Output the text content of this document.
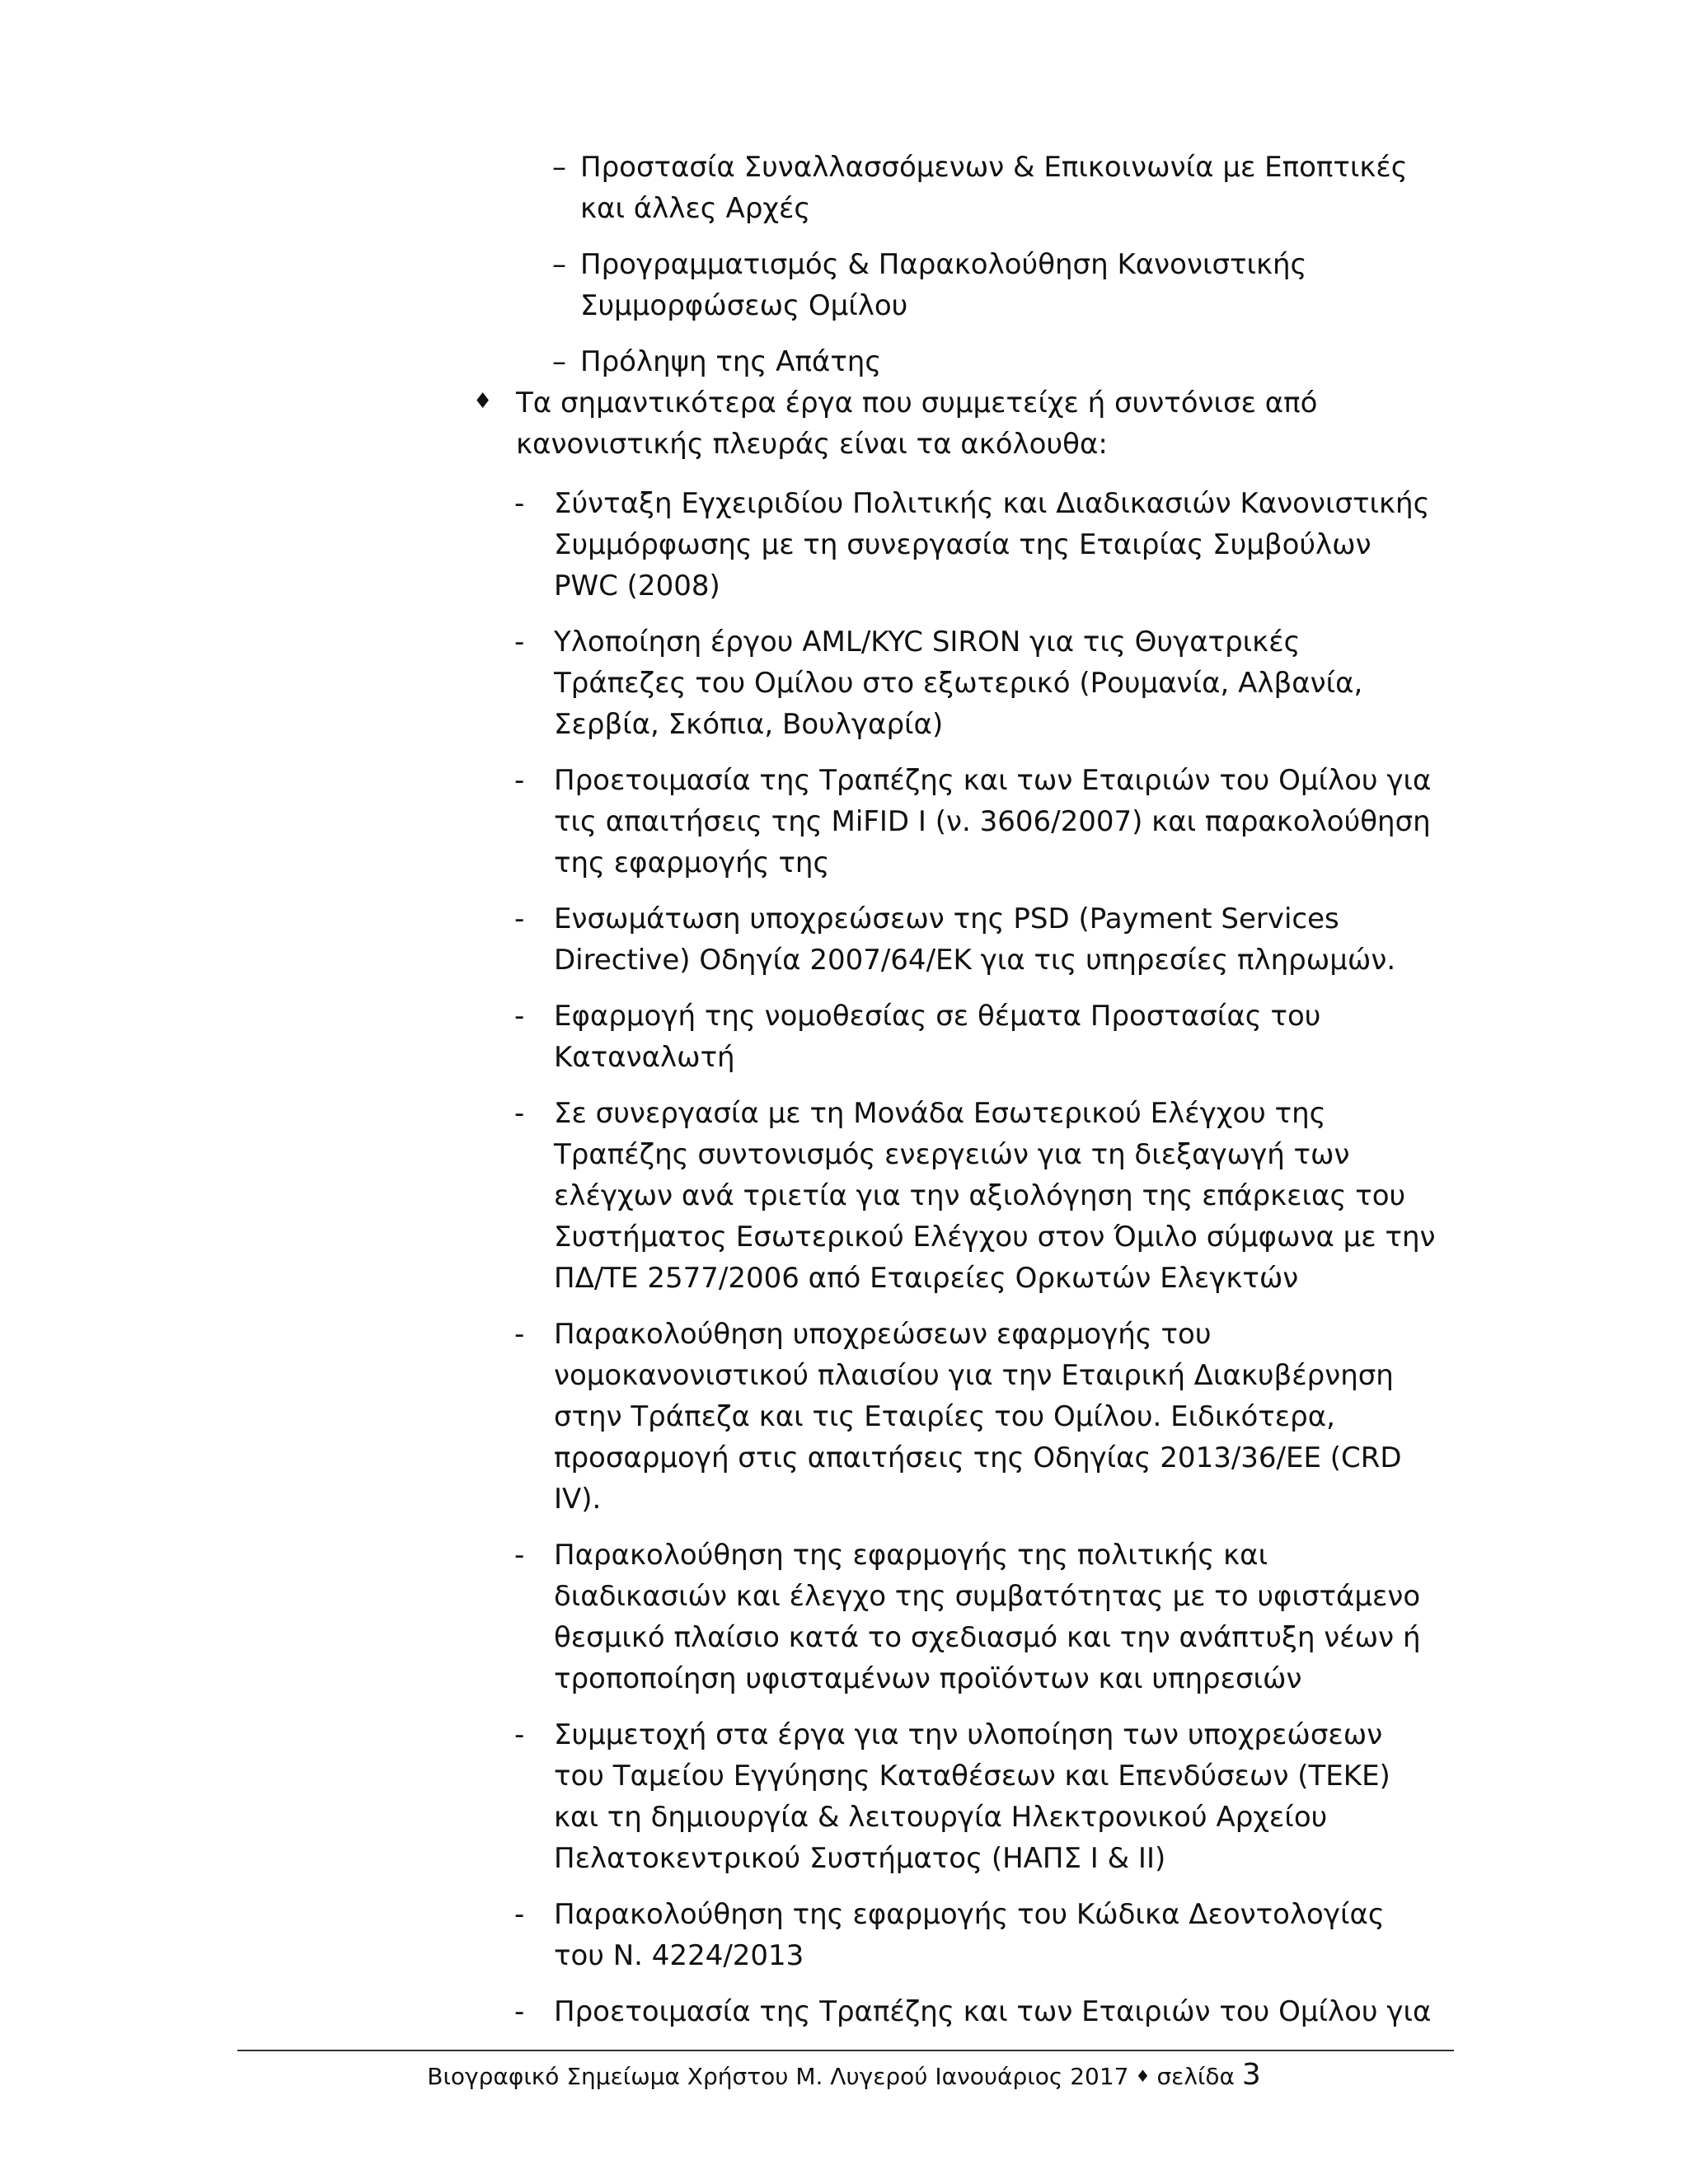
– Προστασία Συναλλασσόμενων & Επικοινωνία με Εποπτικές και άλλες Αρχές
– Προγραμματισμός & Παρακολούθηση Κανονιστικής Συμμορφώσεως Ομίλου
– Πρόληψη της Απάτης
♦ Τα σημαντικότερα έργα που συμμετείχε ή συντόνισε από κανονιστικής πλευράς είναι τα ακόλουθα:
- Σύνταξη Εγχειριδίου Πολιτικής και Διαδικασιών Κανονιστικής Συμμόρφωσης με τη συνεργασία της Εταιρίας Συμβούλων PWC (2008)
- Υλοποίηση έργου AML/KYC SIRON για τις Θυγατρικές Τράπεζες του Ομίλου στο εξωτερικό (Ρουμανία, Αλβανία, Σερβία, Σκόπια, Βουλγαρία)
- Προετοιμασία της Τραπέζης και των Εταιριών του Ομίλου για τις απαιτήσεις της MiFID I (ν. 3606/2007) και παρακολούθηση της εφαρμογής της
- Ενσωμάτωση υποχρεώσεων της PSD (Payment Services Directive) Οδηγία 2007/64/ΕΚ για τις υπηρεσίες πληρωμών.
- Εφαρμογή της νομοθεσίας σε θέματα Προστασίας του Καταναλωτή
- Σε συνεργασία με τη Μονάδα Εσωτερικού Ελέγχου της Τραπέζης συντονισμός ενεργειών για τη διεξαγωγή των ελέγχων ανά τριετία για την αξιολόγηση της επάρκειας του Συστήματος Εσωτερικού Ελέγχου στον Όμιλο σύμφωνα με την ΠΔ/ΤΕ 2577/2006 από Εταιρείες Ορκωτών Ελεγκτών
- Παρακολούθηση υποχρεώσεων εφαρμογής του νομοκανονιστικού πλαισίου για την Εταιρική Διακυβέρνηση στην Τράπεζα και τις Εταιρίες του Ομίλου. Ειδικότερα, προσαρμογή στις απαιτήσεις της Οδηγίας 2013/36/ΕΕ (CRD IV).
- Παρακολούθηση της εφαρμογής της πολιτικής και διαδικασιών και έλεγχο της συμβατότητας με το υφιστάμενο θεσμικό πλαίσιο κατά το σχεδιασμό και την ανάπτυξη νέων ή τροποποίηση υφισταμένων προϊόντων και υπηρεσιών
- Συμμετοχή στα έργα για την υλοποίηση των υποχρεώσεων του Ταμείου Εγγύησης Καταθέσεων και Επενδύσεων (ΤΕΚΕ) και τη δημιουργία & λειτουργία Ηλεκτρονικού Αρχείου Πελατοκεντρικού Συστήματος (ΗΑΠΣ Ι & ΙΙ)
- Παρακολούθηση της εφαρμογής του Κώδικα Δεοντολογίας του Ν. 4224/2013
- Προετοιμασία της Τραπέζης και των Εταιριών του Ομίλου για
Βιογραφικό Σημείωμα Χρήστου Μ. Λυγερού Ιανουάριος 2017 ♦ σελίδα 3
